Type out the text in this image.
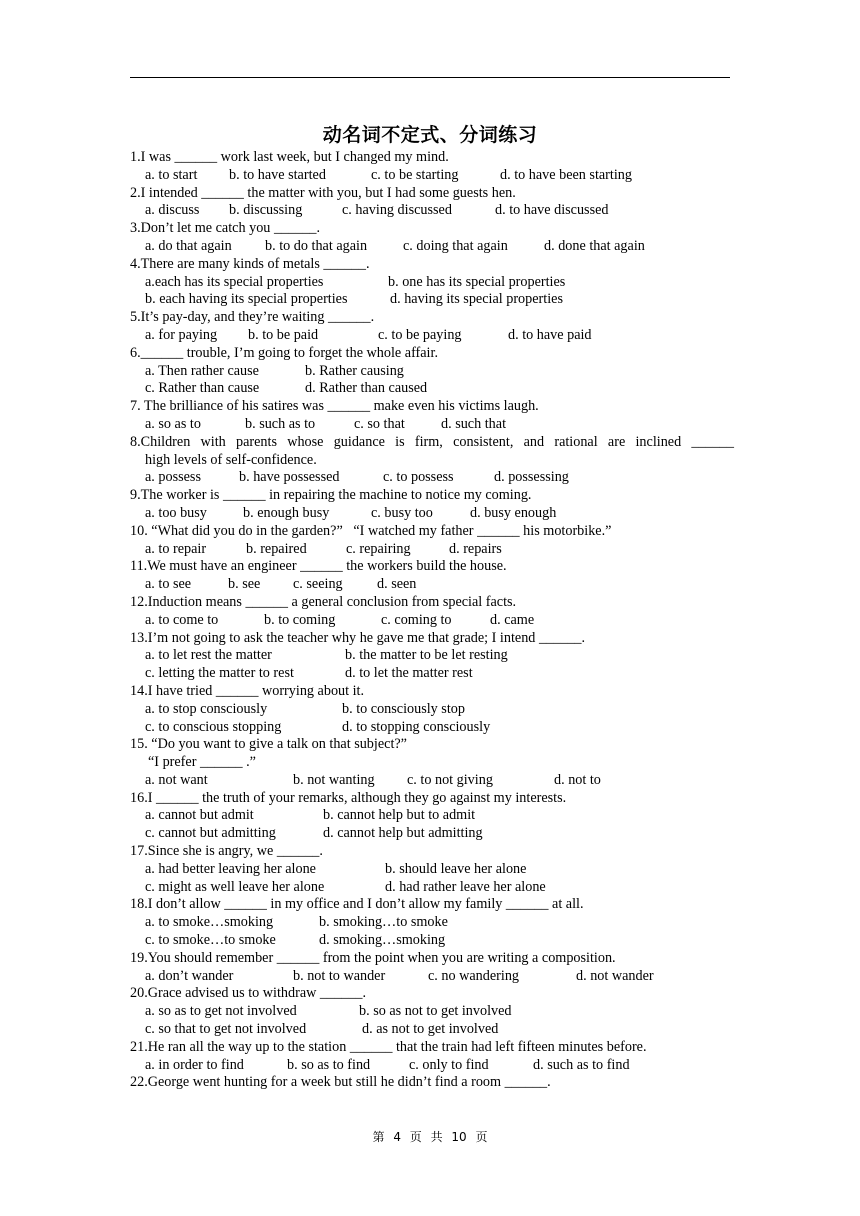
动名词不定式、分词练习
1.I was ______ work last week, but I changed my mind.
a. to start b. to have started	c. to be starting	d. to have been starting
2.I intended ______ the matter with you, but I had some guests hen.
a. discuss b. discussing	c. having discussed	d. to have discussed
3.Don’t let me catch you ______.
a. do that again b. to do that again	c. doing that again	d. done that again
4.There are many kinds of metals ______.
a.each has its special properties	b. one has its special properties
b. each having its special properties	d. having its special properties
5.It’s pay-day, and they’re waiting ______.
a. for paying b. to be paid	c. to be paying	d. to have paid
6.______ trouble, I’m going to forget the whole affair.
a. Then rather cause	b. Rather causing
c. Rather than cause	d. Rather than caused
7. The brilliance of his satires was ______ make even his victims laugh.
a. so as to	b. such as to	c. so that	d. such that
8.Children with parents whose guidance is firm, consistent, and rational are inclined ______
high levels of self-confidence.
a. possess	b. have possessed	c. to possess	d. possessing
9.The worker is ______ in repairing the machine to notice my coming.
a. too busy	b. enough busy	c. busy too	d. busy enough
10. “What did you do in the garden?”   “I watched my father ______ his motorbike.”
a. to repair	b. repaired	c. repairing	d. repairs
11.We must have an engineer ______ the workers build the house.
a. to see	b. see c. seeing d. seen
12.Induction means ______ a general conclusion from special facts.
a. to come to	b. to coming	c. coming to	d. came
13.I’m not going to ask the teacher why he gave me that grade; I intend ______.
a. to let rest the matter	b. the matter to be let resting
c. letting the matter to rest	d. to let the matter rest
14.I have tried ______ worrying about it.
a. to stop consciously	b. to consciously stop
c. to conscious stopping	d. to stopping consciously
15. “Do you want to give a talk on that subject?”
“I prefer ______ .”
a. not want	b. not wanting c. to not giving	d. not to
16.I ______ the truth of your remarks, although they go against my interests.
a. cannot but admit	b. cannot help but to admit
c. cannot but admitting	d. cannot help but admitting
17.Since she is angry, we ______.
a. had better leaving her alone	b. should leave her alone
c. might as well leave her alone	d. had rather leave her alone
18.I don’t allow ______ in my office and I don’t allow my family ______ at all.
a. to smoke…smoking	b. smoking…to smoke
c. to smoke…to smoke	d. smoking…smoking
19.You should remember ______ from the point when you are writing a composition.
a. don’t wander	b. not to wander	c. no wandering	d. not wander
20.Grace advised us to withdraw ______.
a. so as to get not involved	b. so as not to get involved
c. so that to get not involved	d. as not to get involved
21.He ran all the way up to the station ______ that the train had left fifteen minutes before.
a. in order to find	b. so as to find	c. only to find	d. such as to find
22.George went hunting for a week but still he didn’t find a room ______.
第 4 页 共 10 页
